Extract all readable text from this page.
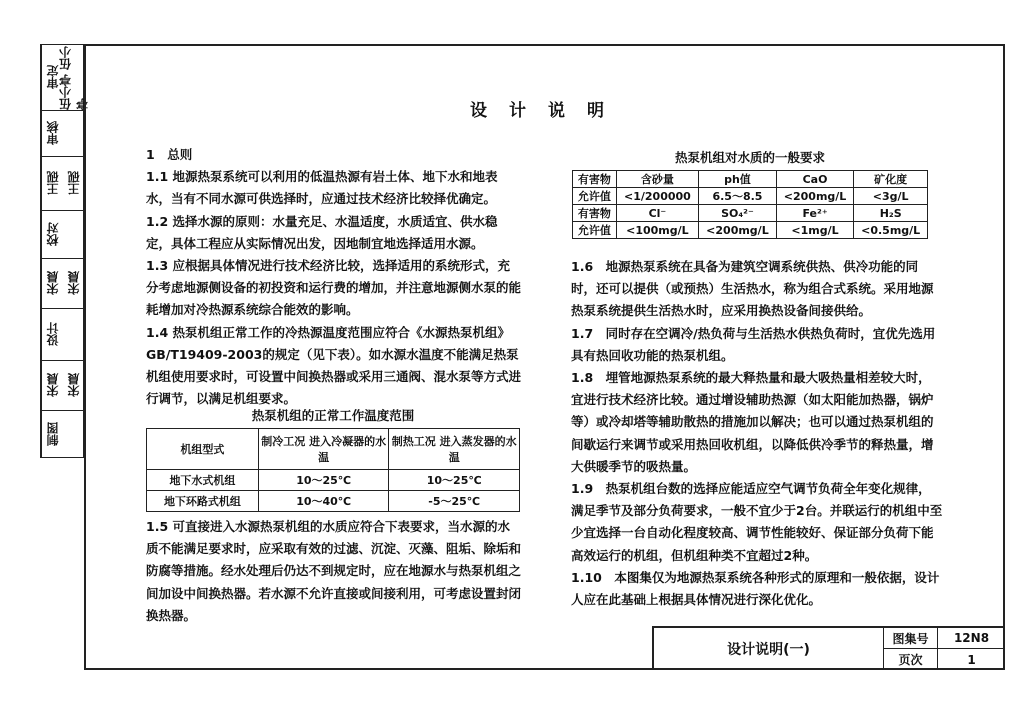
审定
伍小亭 伍小亭
审核
王砚 王砚
校对
宋晨 宋晨
设计
宋晨 宋晨
制图
设计说明

1　总则

1.1 地源热泵系统可以利用的低温热源有岩土体、地下水和地表水，当有不同水源可供选择时，应通过技术经济比较择优确定。

1.2 选择水源的原则：水量充足、水温适度，水质适宜、供水稳定，具体工程应从实际情况出发，因地制宜地选择适用水源。

1.3 应根据具体情况进行技术经济比较，选择适用的系统形式，充分考虑地源侧设备的初投资和运行费的增加，并注意地源侧水泵的能耗增加对冷热源系统综合能效的影响。

1.4 热泵机组正常工作的冷热源温度范围应符合《水源热泵机组》GB/T19409-2003的规定（见下表）。如水源水温度不能满足热泵机组使用要求时，可设置中间换热器或采用三通阀、混水泵等方式进行调节，以满足机组要求。

热泵机组的正常工作温度范围
机组型式	制冷工况 进入冷凝器的水温	制热工况 进入蒸发器的水温
地下水式机组	10～25℃	10～25℃
地下环路式机组	10～40℃	-5～25℃

1.5 可直接进入水源热泵机组的水质应符合下表要求，当水源的水质不能满足要求时，应采取有效的过滤、沉淀、灭藻、阻垢、除垢和防腐等措施。经水处理后仍达不到规定时，应在地源水与热泵机组之间加设中间换热器。若水源不允许直接或间接利用，可考虑设置封闭换热器。

热泵机组对水质的一般要求
有害物	含砂量	ph值	CaO	矿化度
允许值	<1/200000	6.5～8.5	<200mg/L	<3g/L
有害物	Cl⁻	SO₄²⁻	Fe²⁺	H₂S
允许值	<100mg/L	<200mg/L	<1mg/L	<0.5mg/L

1.6　地源热泵系统在具备为建筑空调系统供热、供冷功能的同时，还可以提供（或预热）生活热水，称为组合式系统。采用地源热泵系统提供生活热水时，应采用换热设备间接供给。

1.7　同时存在空调冷/热负荷与生活热水供热负荷时，宜优先选用具有热回收功能的热泵机组。

1.8　埋管地源热泵系统的最大释热量和最大吸热量相差较大时，宜进行技术经济比较。通过增设辅助热源（如太阳能加热器，锅炉等）或冷却塔等辅助散热的措施加以解决；也可以通过热泵机组的间歇运行来调节或采用热回收机组，以降低供冷季节的释热量，增大供暖季节的吸热量。

1.9　热泵机组台数的选择应能适应空气调节负荷全年变化规律，满足季节及部分负荷要求，一般不宜少于2台。并联运行的机组中至少宜选择一台自动化程度较高、调节性能较好、保证部分负荷下能高效运行的机组，但机组种类不宜超过2种。

1.10　本图集仅为地源热泵系统各种形式的原理和一般依据，设计人应在此基础上根据具体情况进行深化优化。

设计说明(一)
图集号	12N8
页次	1
